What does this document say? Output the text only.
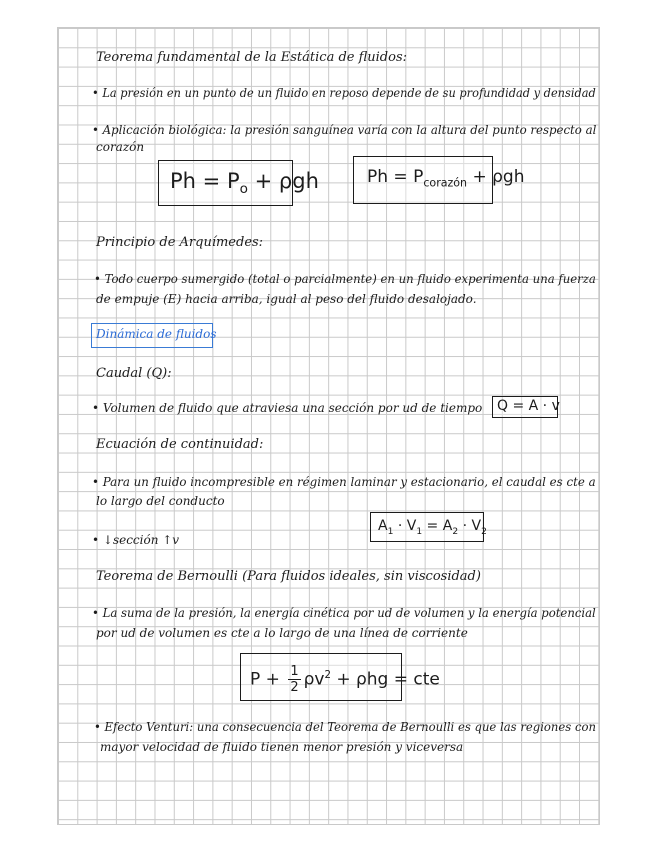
Teorema fundamental de la Estática de fluidos:
• La presión en un punto de un fluido en reposo depende de su profundidad y densidad
• Aplicación biológica: la presión sanguínea varía con la altura del punto respecto al
corazón
$Ph = P_o + \rho gh$	$Ph = P_{corazón} + \rho gh$
Principio de Arquímedes:
• Todo cuerpo sumergido (total o parcialmente) en un fluido experimenta una fuerza
de empuje (E) hacia arriba, igual al peso del fluido desalojado.
Dinámica de fluidos
Caudal (Q):
• Volumen de fluido que atraviesa una sección por ud de tiempo Q = A · v
Ecuación de continuidad:
• Para un fluido incompresible en régimen laminar y estacionario, el caudal es cte a
lo largo del conducto
$A_1 \cdot V_1 = A_2 \cdot V_2$
• ↓sección ↑v
Teorema de Bernoulli (Para fluidos ideales, sin viscosidad)
• La suma de la presión, la energía cinética por ud de volumen y la energía potencial
por ud de volumen es cte a lo largo de una línea de corriente
$P + \frac{1}{2} \rho v^2 + \rho hg$ = cte
• Efecto Venturi: una consecuencia del Teorema de Bernoulli es que las regiones con
mayor velocidad de fluido tienen menor presión y viceversa
